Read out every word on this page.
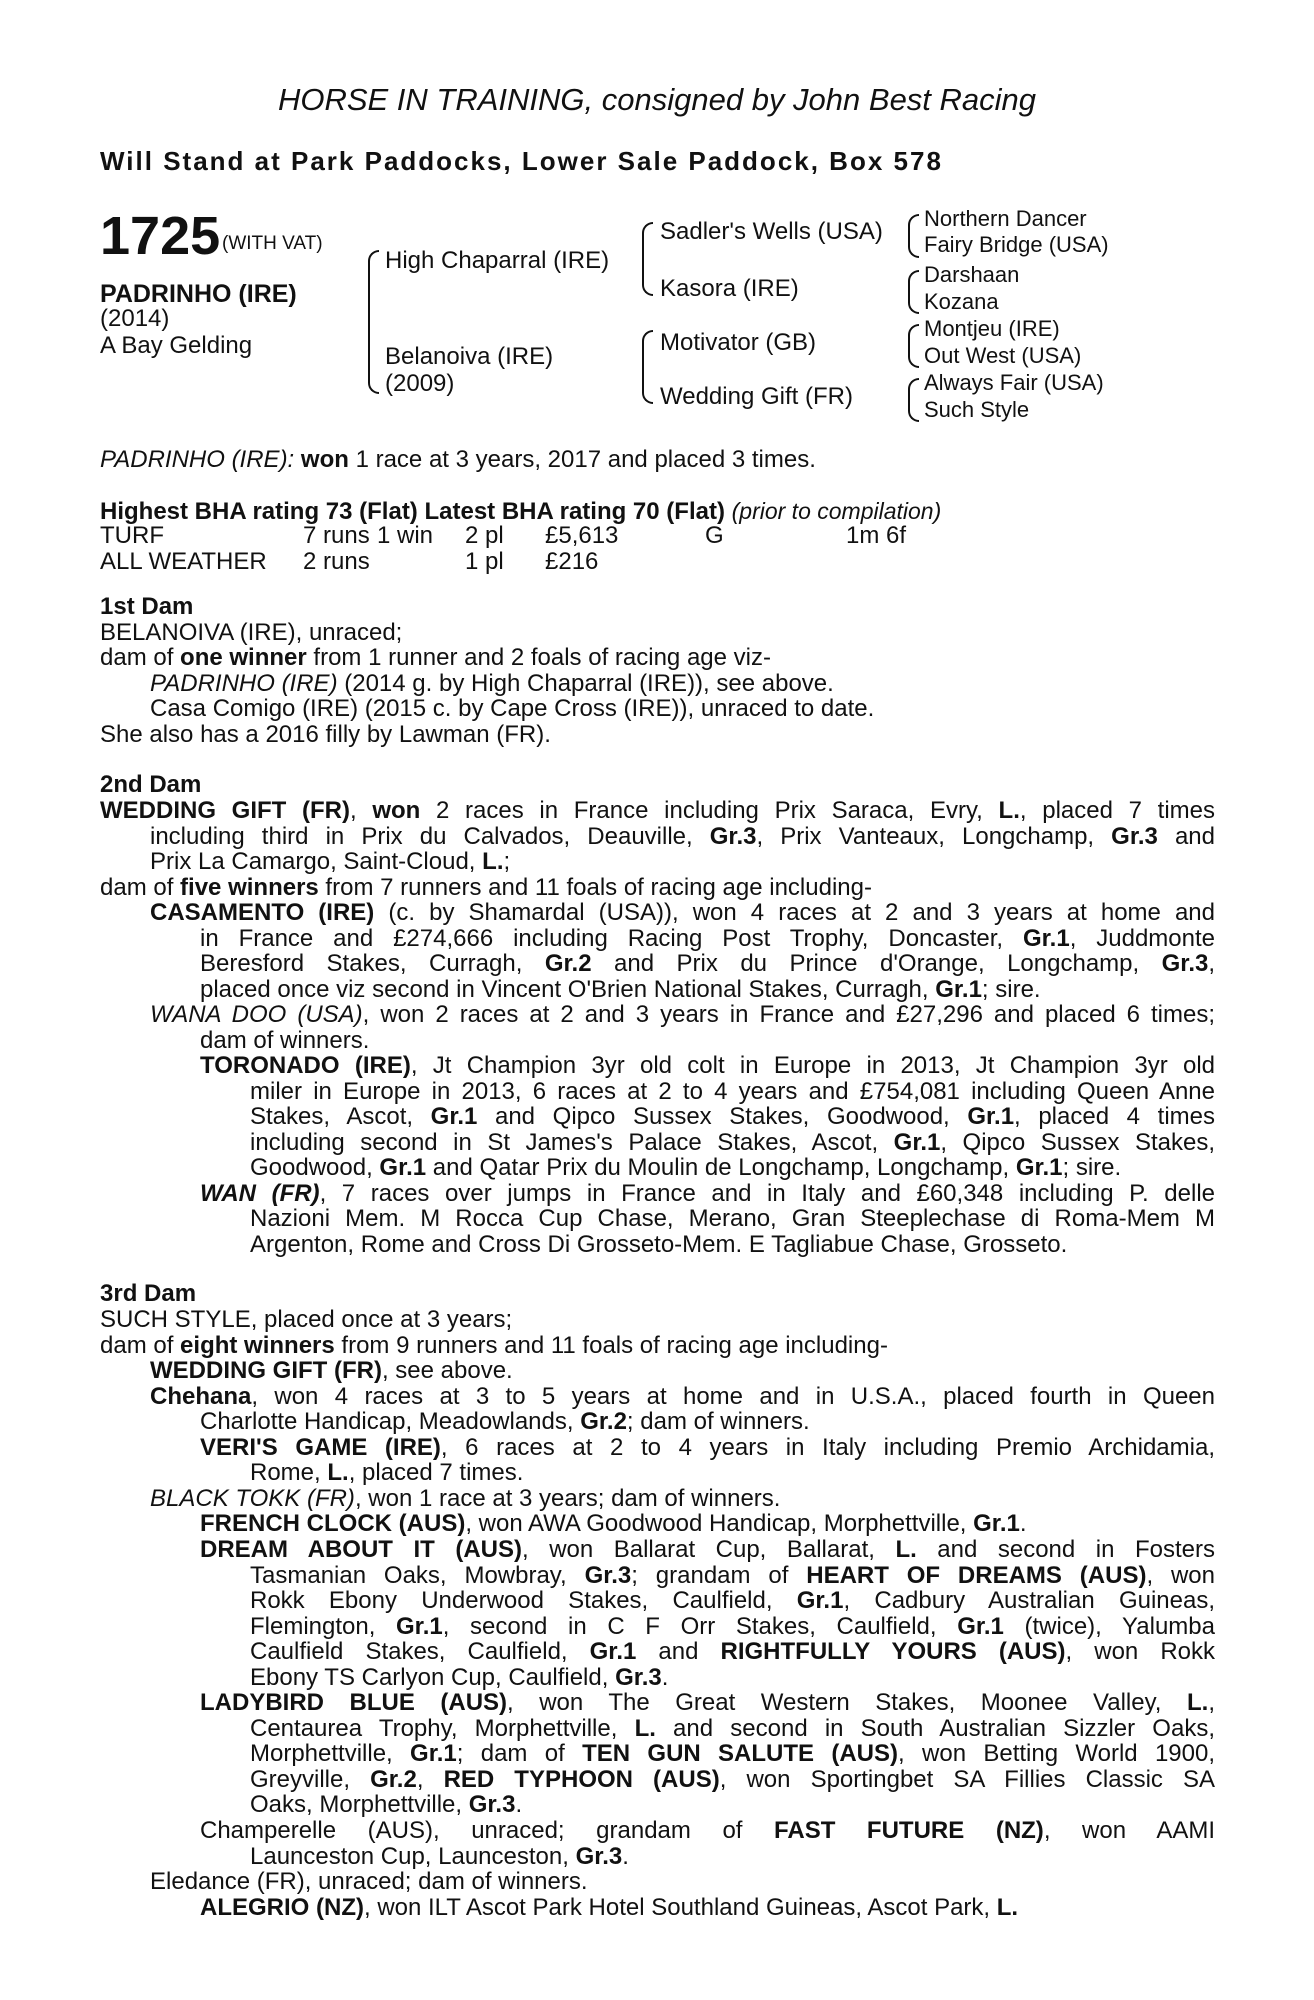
HORSE IN TRAINING, consigned by John Best Racing
Will Stand at Park Paddocks, Lower Sale Paddock, Box 578
1725 (WITH VAT)
PADRINHO (IRE)
(2014)
A Bay Gelding
High Chaparral (IRE)
Belanoiva (IRE)
(2009)
Sadler's Wells (USA)
Kasora (IRE)
Motivator (GB)
Wedding Gift (FR)
Northern Dancer
Fairy Bridge (USA)
Darshaan
Kozana
Montjeu (IRE)
Out West (USA)
Always Fair (USA)
Such Style
PADRINHO (IRE): won 1 race at 3 years, 2017 and placed 3 times.
Highest BHA rating 73 (Flat) Latest BHA rating 70 (Flat) (prior to compilation)
TURF	7 runs 1 win 2 pl £5,613	G	1m 6f
ALL WEATHER 2 runs	1 pl £216
1st Dam
BELANOIVA (IRE), unraced;
dam of one winner from 1 runner and 2 foals of racing age viz-
PADRINHO (IRE) (2014 g. by High Chaparral (IRE)), see above.
Casa Comigo (IRE) (2015 c. by Cape Cross (IRE)), unraced to date.
She also has a 2016 filly by Lawman (FR).
2nd Dam
WEDDING GIFT (FR), won 2 races in France including Prix Saraca, Evry, L., placed 7 times
including third in Prix du Calvados, Deauville, Gr.3, Prix Vanteaux, Longchamp, Gr.3 and
Prix La Camargo, Saint-Cloud, L.;
dam of five winners from 7 runners and 11 foals of racing age including-
CASAMENTO (IRE) (c. by Shamardal (USA)), won 4 races at 2 and 3 years at home and
in France and £274,666 including Racing Post Trophy, Doncaster, Gr.1, Juddmonte
Beresford Stakes, Curragh, Gr.2 and Prix du Prince d'Orange, Longchamp, Gr.3,
placed once viz second in Vincent O'Brien National Stakes, Curragh, Gr.1; sire.
WANA DOO (USA), won 2 races at 2 and 3 years in France and £27,296 and placed 6 times;
dam of winners.
TORONADO (IRE), Jt Champion 3yr old colt in Europe in 2013, Jt Champion 3yr old
miler in Europe in 2013, 6 races at 2 to 4 years and £754,081 including Queen Anne
Stakes, Ascot, Gr.1 and Qipco Sussex Stakes, Goodwood, Gr.1, placed 4 times
including second in St James's Palace Stakes, Ascot, Gr.1, Qipco Sussex Stakes,
Goodwood, Gr.1 and Qatar Prix du Moulin de Longchamp, Longchamp, Gr.1; sire.
WAN (FR), 7 races over jumps in France and in Italy and £60,348 including P. delle
Nazioni Mem. M Rocca Cup Chase, Merano, Gran Steeplechase di Roma-Mem M
Argenton, Rome and Cross Di Grosseto-Mem. E Tagliabue Chase, Grosseto.
3rd Dam
SUCH STYLE, placed once at 3 years;
dam of eight winners from 9 runners and 11 foals of racing age including-
WEDDING GIFT (FR), see above.
Chehana, won 4 races at 3 to 5 years at home and in U.S.A., placed fourth in Queen
Charlotte Handicap, Meadowlands, Gr.2; dam of winners.
VERI'S GAME (IRE), 6 races at 2 to 4 years in Italy including Premio Archidamia,
Rome, L., placed 7 times.
BLACK TOKK (FR), won 1 race at 3 years; dam of winners.
FRENCH CLOCK (AUS), won AWA Goodwood Handicap, Morphettville, Gr.1.
DREAM ABOUT IT (AUS), won Ballarat Cup, Ballarat, L. and second in Fosters
Tasmanian Oaks, Mowbray, Gr.3; grandam of HEART OF DREAMS (AUS), won
Rokk Ebony Underwood Stakes, Caulfield, Gr.1, Cadbury Australian Guineas,
Flemington, Gr.1, second in C F Orr Stakes, Caulfield, Gr.1 (twice), Yalumba
Caulfield Stakes, Caulfield, Gr.1 and RIGHTFULLY YOURS (AUS), won Rokk
Ebony TS Carlyon Cup, Caulfield, Gr.3.
LADYBIRD BLUE (AUS), won The Great Western Stakes, Moonee Valley, L.,
Centaurea Trophy, Morphettville, L. and second in South Australian Sizzler Oaks,
Morphettville, Gr.1; dam of TEN GUN SALUTE (AUS), won Betting World 1900,
Greyville, Gr.2, RED TYPHOON (AUS), won Sportingbet SA Fillies Classic SA
Oaks, Morphettville, Gr.3.
Champerelle (AUS), unraced; grandam of FAST FUTURE (NZ), won AAMI
Launceston Cup, Launceston, Gr.3.
Eledance (FR), unraced; dam of winners.
ALEGRIO (NZ), won ILT Ascot Park Hotel Southland Guineas, Ascot Park, L.
